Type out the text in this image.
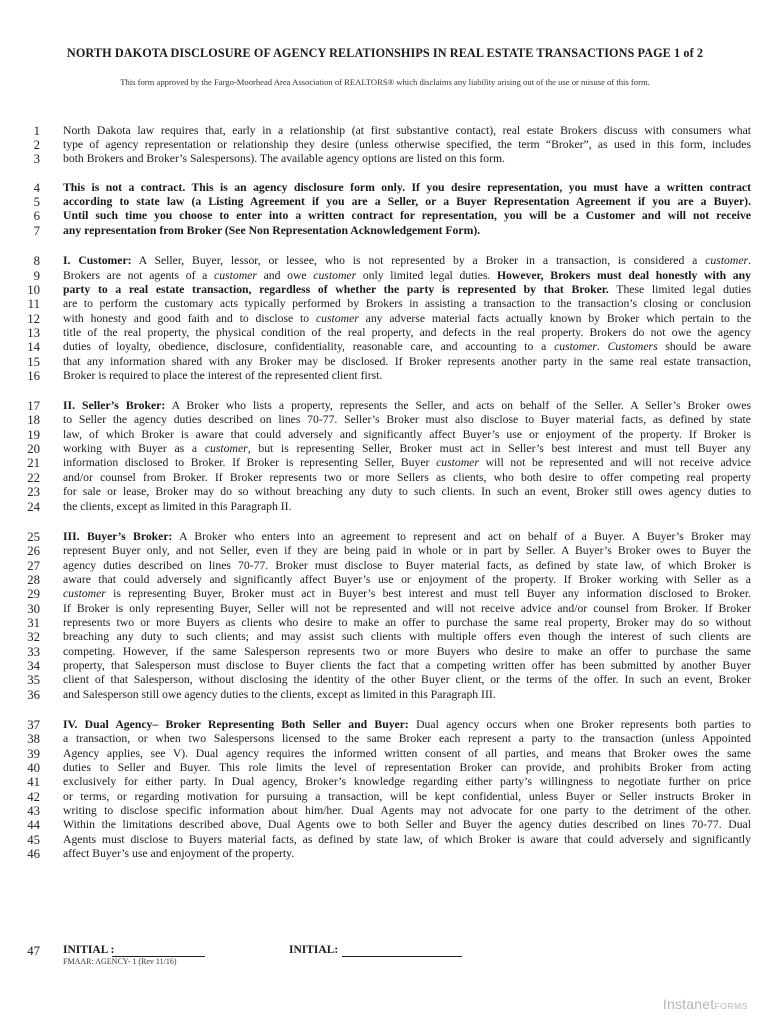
NORTH DAKOTA DISCLOSURE OF AGENCY RELATIONSHIPS IN REAL ESTATE TRANSACTIONS PAGE 1 of 2
This form approved by the Fargo-Moorhead Area Association of REALTORS® which disclaims any liability arising out of the use or misuse of this form.
1 North Dakota law requires that, early in a relationship (at first substantive contact), real estate Brokers discuss with consumers what
2 type of agency representation or relationship they desire (unless otherwise specified, the term “Broker”, as used in this form, includes
3 both Brokers and Broker’s Salespersons). The available agency options are listed on this form.
4 This is not a contract. This is an agency disclosure form only. If you desire representation, you must have a written contract
5 according to state law (a Listing Agreement if you are a Seller, or a Buyer Representation Agreement if you are a Buyer).
6 Until such time you choose to enter into a written contract for representation, you will be a Customer and will not receive
7 any representation from Broker (See Non Representation Acknowledgement Form).
8 I. Customer: A Seller, Buyer, lessor, or lessee, who is not represented by a Broker in a transaction, is considered a customer.
9 Brokers are not agents of a customer and owe customer only limited legal duties. However, Brokers must deal honestly with any
10 party to a real estate transaction, regardless of whether the party is represented by that Broker. These limited legal duties
11 are to perform the customary acts typically performed by Brokers in assisting a transaction to the transaction’s closing or conclusion
12 with honesty and good faith and to disclose to customer any adverse material facts actually known by Broker which pertain to the
13 title of the real property, the physical condition of the real property, and defects in the real property. Brokers do not owe the agency
14 duties of loyalty, obedience, disclosure, confidentiality, reasonable care, and accounting to a customer. Customers should be aware
15 that any information shared with any Broker may be disclosed. If Broker represents another party in the same real estate transaction,
16 Broker is required to place the interest of the represented client first.
17 II. Seller’s Broker: A Broker who lists a property, represents the Seller, and acts on behalf of the Seller. A Seller’s Broker owes
18 to Seller the agency duties described on lines 70-77. Seller’s Broker must also disclose to Buyer material facts, as defined by state
19 law, of which Broker is aware that could adversely and significantly affect Buyer’s use or enjoyment of the property. If Broker is
20 working with Buyer as a customer, but is representing Seller, Broker must act in Seller’s best interest and must tell Buyer any
21 information disclosed to Broker. If Broker is representing Seller, Buyer customer will not be represented and will not receive advice
22 and/or counsel from Broker. If Broker represents two or more Sellers as clients, who both desire to offer competing real property
23 for sale or lease, Broker may do so without breaching any duty to such clients. In such an event, Broker still owes agency duties to
24 the clients, except as limited in this Paragraph II.
25 III. Buyer’s Broker: A Broker who enters into an agreement to represent and act on behalf of a Buyer. A Buyer’s Broker may
26 represent Buyer only, and not Seller, even if they are being paid in whole or in part by Seller. A Buyer’s Broker owes to Buyer the
27 agency duties described on lines 70-77. Broker must disclose to Buyer material facts, as defined by state law, of which Broker is
28 aware that could adversely and significantly affect Buyer’s use or enjoyment of the property. If Broker working with Seller as a
29 customer is representing Buyer, Broker must act in Buyer’s best interest and must tell Buyer any information disclosed to Broker.
30 If Broker is only representing Buyer, Seller will not be represented and will not receive advice and/or counsel from Broker. If Broker
31 represents two or more Buyers as clients who desire to make an offer to purchase the same real property, Broker may do so without
32 breaching any duty to such clients; and may assist such clients with multiple offers even though the interest of such clients are
33 competing. However, if the same Salesperson represents two or more Buyers who desire to make an offer to purchase the same
34 property, that Salesperson must disclose to Buyer clients the fact that a competing written offer has been submitted by another Buyer
35 client of that Salesperson, without disclosing the identity of the other Buyer client, or the terms of the offer. In such an event, Broker
36 and Salesperson still owe agency duties to the clients, except as limited in this Paragraph III.
37 IV. Dual Agency– Broker Representing Both Seller and Buyer: Dual agency occurs when one Broker represents both parties to
38 a transaction, or when two Salespersons licensed to the same Broker each represent a party to the transaction (unless Appointed
39 Agency applies, see V). Dual agency requires the informed written consent of all parties, and means that Broker owes the same
40 duties to Seller and Buyer. This role limits the level of representation Broker can provide, and prohibits Broker from acting
41 exclusively for either party. In Dual agency, Broker’s knowledge regarding either party’s willingness to negotiate further on price
42 or terms, or regarding motivation for pursuing a transaction, will be kept confidential, unless Buyer or Seller instructs Broker in
43 writing to disclose specific information about him/her. Dual Agents may not advocate for one party to the detriment of the other.
44 Within the limitations described above, Dual Agents owe to both Seller and Buyer the agency duties described on lines 70-77. Dual
45 Agents must disclose to Buyers material facts, as defined by state law, of which Broker is aware that could adversely and significantly
46 affect Buyer’s use and enjoyment of the property.
47 INITIAL :	INITIAL:
FMAAR: AGENCY- 1 (Rev 11/16)
InstanetFORMS
